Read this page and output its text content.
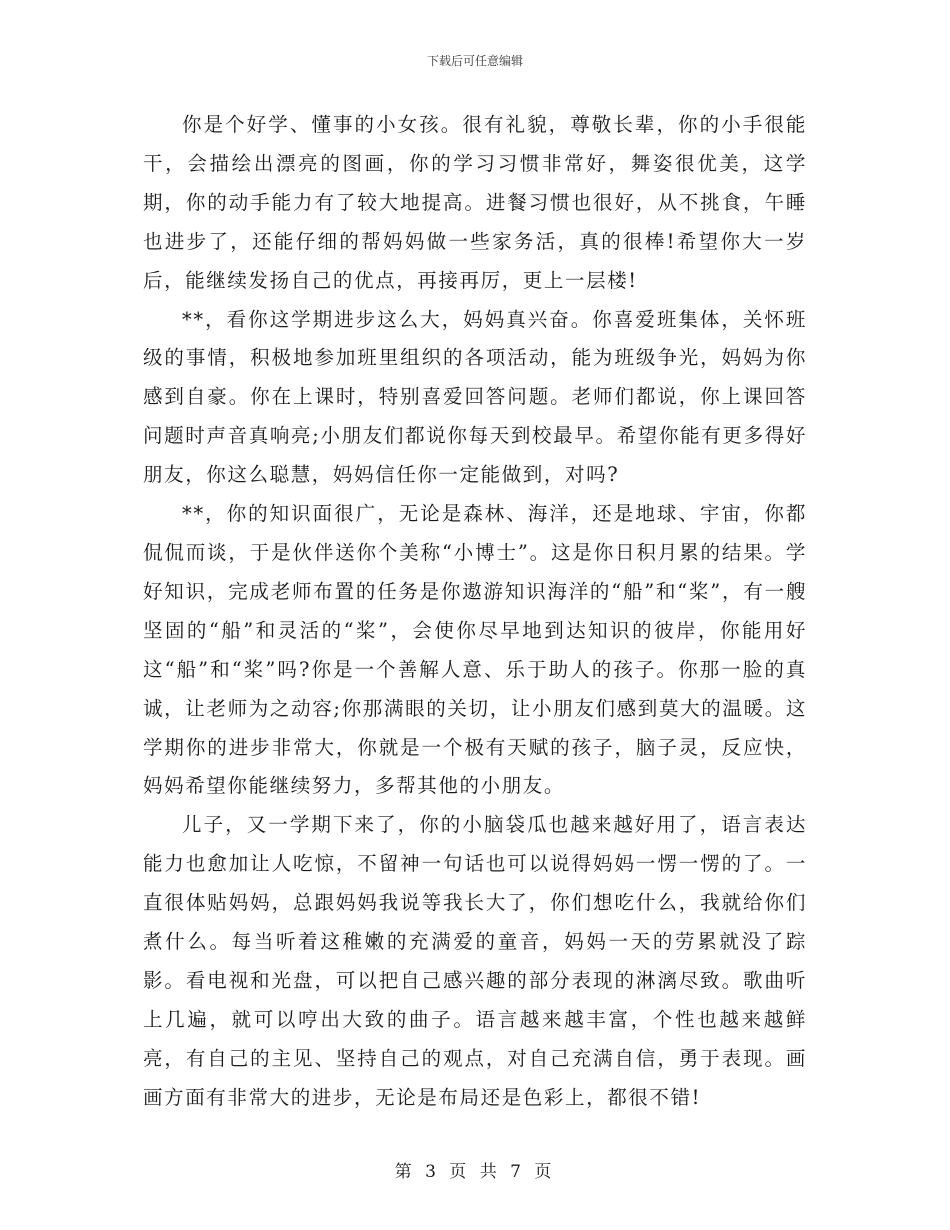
下载后可任意编辑

你是个好学、懂事的小女孩。很有礼貌，尊敬长辈，你的小手很能干，会描绘出漂亮的图画，你的学习习惯非常好，舞姿很优美，这学期，你的动手能力有了较大地提高。进餐习惯也很好，从不挑食，午睡也进步了，还能仔细的帮妈妈做一些家务活，真的很棒!希望你大一岁后，能继续发扬自己的优点，再接再厉，更上一层楼!

**，看你这学期进步这么大，妈妈真兴奋。你喜爱班集体，关怀班级的事情，积极地参加班里组织的各项活动，能为班级争光，妈妈为你感到自豪。你在上课时，特别喜爱回答问题。老师们都说，你上课回答问题时声音真响亮;小朋友们都说你每天到校最早。希望你能有更多得好朋友，你这么聪慧，妈妈信任你一定能做到，对吗?

**，你的知识面很广，无论是森林、海洋，还是地球、宇宙，你都侃侃而谈，于是伙伴送你个美称“小博士”。这是你日积月累的结果。学好知识，完成老师布置的任务是你遨游知识海洋的“船”和“桨”，有一艘坚固的“船”和灵活的“桨”，会使你尽早地到达知识的彼岸，你能用好这“船”和“桨”吗?你是一个善解人意、乐于助人的孩子。你那一脸的真诚，让老师为之动容;你那满眼的关切，让小朋友们感到莫大的温暖。这学期你的进步非常大，你就是一个极有天赋的孩子，脑子灵，反应快，妈妈希望你能继续努力，多帮其他的小朋友。

儿子，又一学期下来了，你的小脑袋瓜也越来越好用了，语言表达能力也愈加让人吃惊，不留神一句话也可以说得妈妈一愣一愣的了。一直很体贴妈妈，总跟妈妈我说等我长大了，你们想吃什么，我就给你们煮什么。每当听着这稚嫩的充满爱的童音，妈妈一天的劳累就没了踪影。看电视和光盘，可以把自己感兴趣的部分表现的淋漓尽致。歌曲听上几遍，就可以哼出大致的曲子。语言越来越丰富，个性也越来越鲜亮，有自己的主见、坚持自己的观点，对自己充满自信，勇于表现。画画方面有非常大的进步，无论是布局还是色彩上，都很不错!

第 3 页 共 7 页
